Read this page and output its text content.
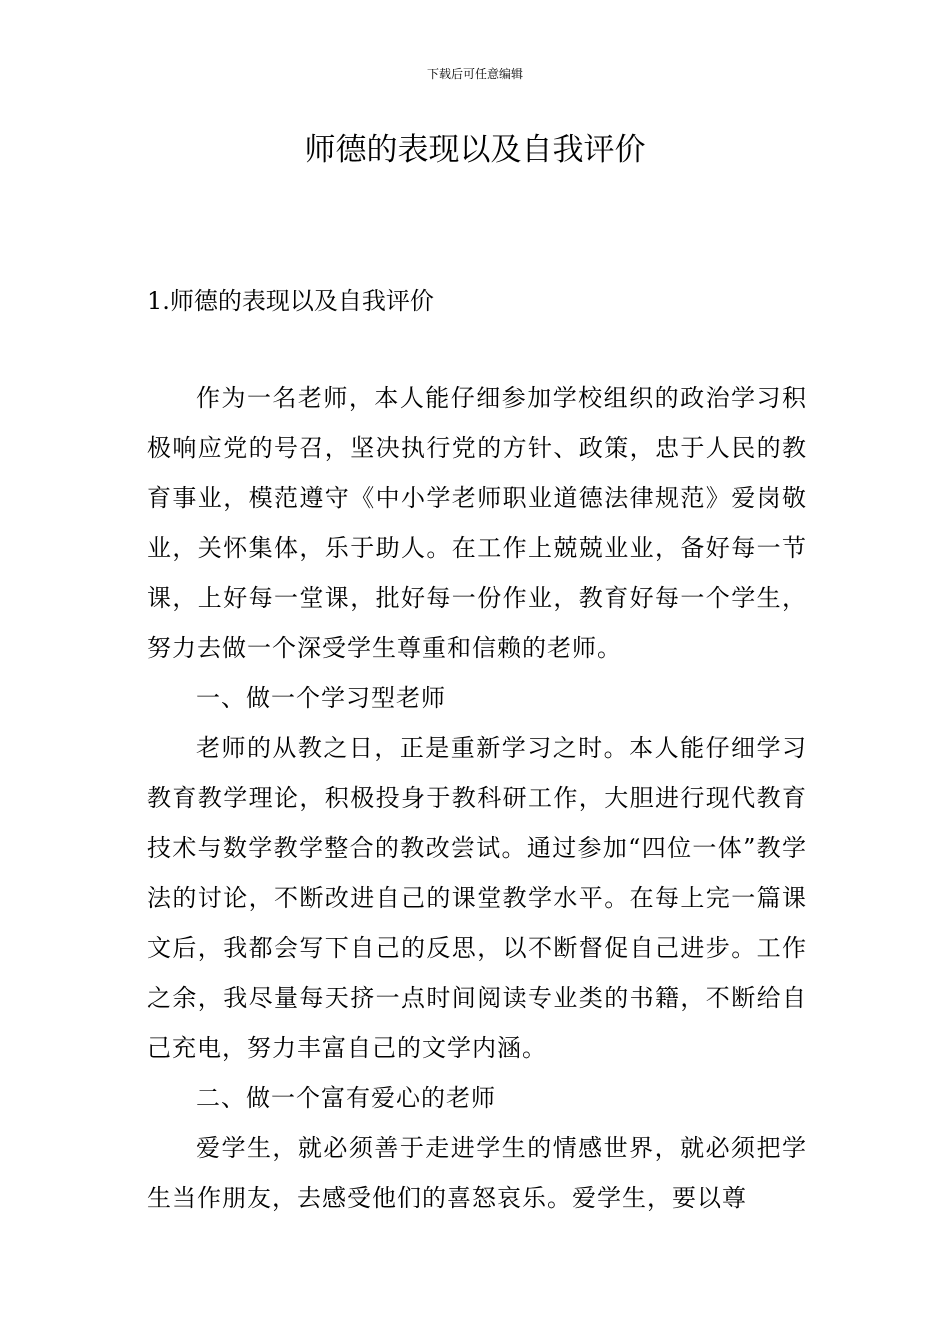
下载后可任意编辑
师德的表现以及自我评价
1.师德的表现以及自我评价

作为一名老师，本人能仔细参加学校组织的政治学习积极响应党的号召，坚决执行党的方针、政策，忠于人民的教育事业，模范遵守《中小学老师职业道德法律规范》爱岗敬业，关怀集体，乐于助人。在工作上兢兢业业，备好每一节课，上好每一堂课，批好每一份作业，教育好每一个学生，努力去做一个深受学生尊重和信赖的老师。

一、做一个学习型老师

老师的从教之日，正是重新学习之时。本人能仔细学习教育教学理论，积极投身于教科研工作，大胆进行现代教育技术与数学教学整合的教改尝试。通过参加“四位一体”教学法的讨论，不断改进自己的课堂教学水平。在每上完一篇课文后，我都会写下自己的反思，以不断督促自己进步。工作之余，我尽量每天挤一点时间阅读专业类的书籍，不断给自己充电，努力丰富自己的文学内涵。

二、做一个富有爱心的老师

爱学生，就必须善于走进学生的情感世界，就必须把学生当作朋友，去感受他们的喜怒哀乐。爱学生，要以尊
